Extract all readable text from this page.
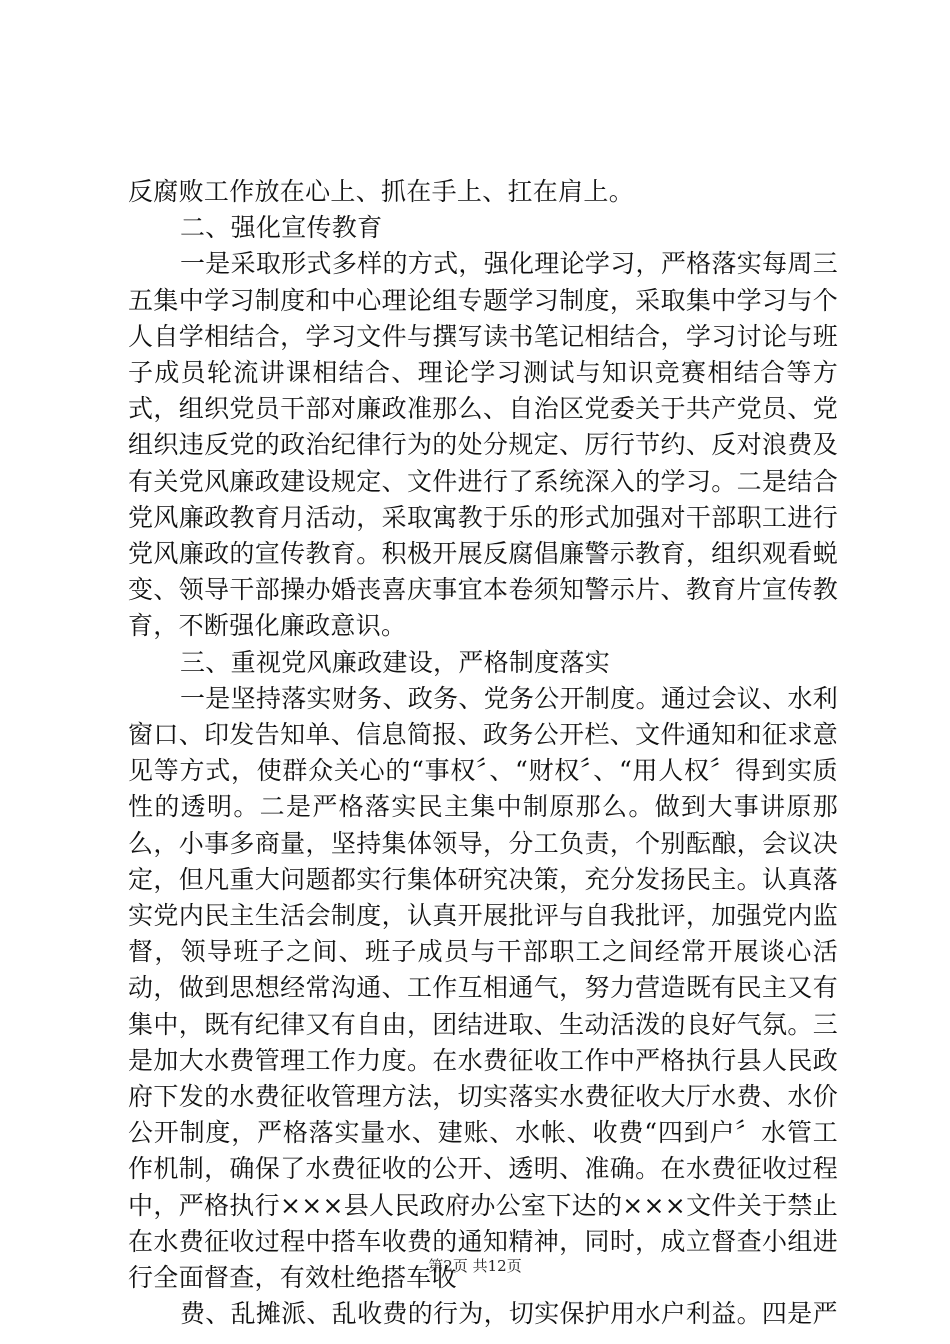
反腐败工作放在心上、抓在手上、扛在肩上。

二、强化宣传教育

一是采取形式多样的方式，强化理论学习，严格落实每周三五集中学习制度和中心理论组专题学习制度，采取集中学习与个人自学相结合，学习文件与撰写读书笔记相结合，学习讨论与班子成员轮流讲课相结合、理论学习测试与知识竞赛相结合等方式，组织党员干部对廉政准那么、自治区党委关于共产党员、党组织违反党的政治纪律行为的处分规定、厉行节约、反对浪费及有关党风廉政建设规定、文件进行了系统深入的学习。二是结合党风廉政教育月活动，采取寓教于乐的形式加强对干部职工进行党风廉政的宣传教育。积极开展反腐倡廉警示教育，组织观看蜕变、领导干部操办婚丧喜庆事宜本卷须知警示片、教育片宣传教育，不断强化廉政意识。

三、重视党风廉政建设，严格制度落实

一是坚持落实财务、政务、党务公开制度。通过会议、水利窗口、印发告知单、信息简报、政务公开栏、文件通知和征求意见等方式，使群众关心的“事权〞、“财权〞、“用人权〞得到实质性的透明。二是严格落实民主集中制原那么。做到大事讲原那么，小事多商量，坚持集体领导，分工负责，个别酝酿，会议决定，但凡重大问题都实行集体研究决策，充分发扬民主。认真落实党内民主生活会制度，认真开展批评与自我批评，加强党内监督，领导班子之间、班子成员与干部职工之间经常开展谈心活动，做到思想经常沟通、工作互相通气，努力营造既有民主又有集中，既有纪律又有自由，团结进取、生动活泼的良好气氛。三是加大水费管理工作力度。在水费征收工作中严格执行县人民政府下发的水费征收管理方法，切实落实水费征收大厅水费、水价公开制度，严格落实量水、建账、水帐、收费“四到户〞水管工作机制，确保了水费征收的公开、透明、准确。在水费征收过程中，严格执行×××县人民政府办公室下达的×××文件关于禁止在水费征收过程中搭车收费的通知精神，同时，成立督查小组进行全面督查，有效杜绝搭车收

费、乱摊派、乱收费的行为，切实保护用水户利益。四是严

第2页 共12页
